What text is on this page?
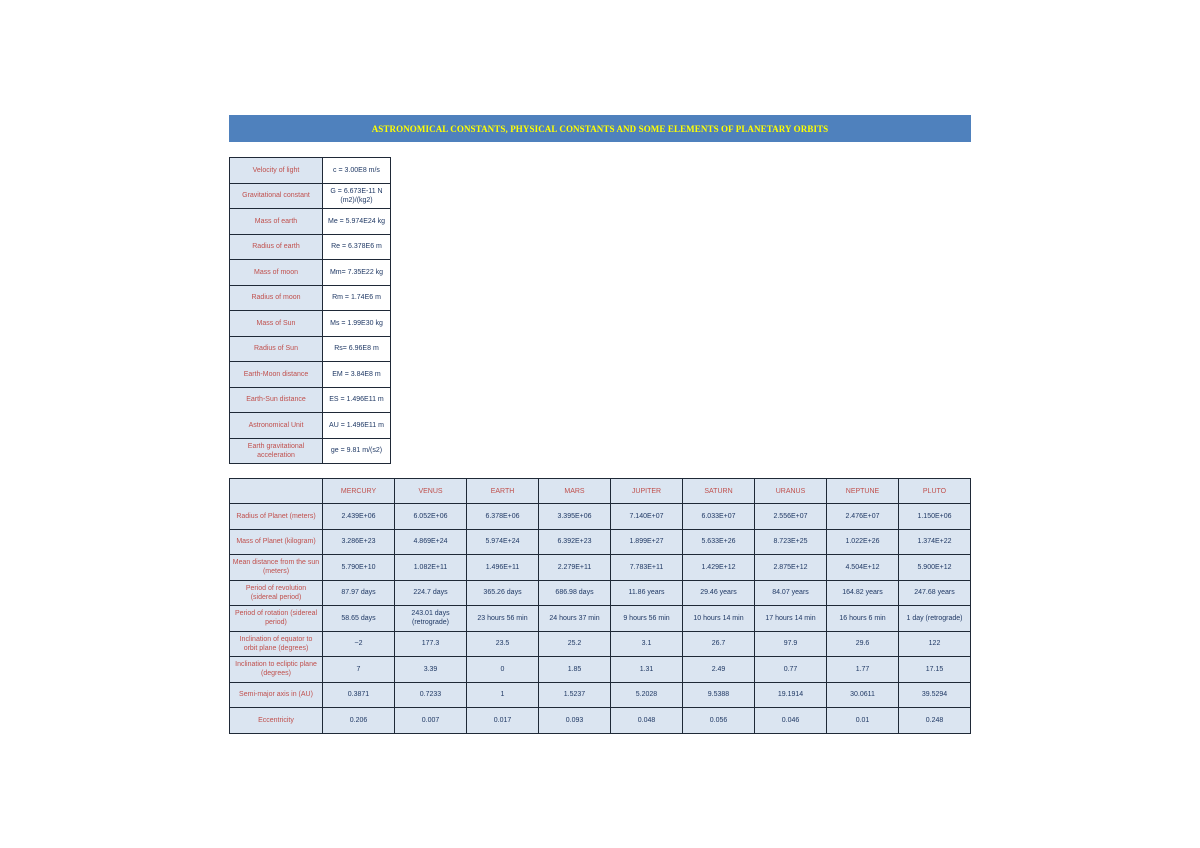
ASTRONOMICAL CONSTANTS, PHYSICAL CONSTANTS AND SOME ELEMENTS OF PLANETARY ORBITS
Velocity of light	c = 3.00E8 m/s
Gravitational constant	G = 6.673E-11 N (m2)/(kg2)
Mass of earth	Me = 5.974E24 kg
Radius of earth	Re = 6.378E6 m
Mass of moon	Mm= 7.35E22 kg
Radius of moon	Rm = 1.74E6 m
Mass of Sun	Ms = 1.99E30 kg
Radius of Sun	Rs= 6.96E8 m
Earth-Moon distance	EM = 3.84E8 m
Earth-Sun distance	ES = 1.496E11 m
Astronomical Unit	AU = 1.496E11 m
Earth gravitational acceleration	ge = 9.81 m/(s2)
	MERCURY	VENUS	EARTH	MARS	JUPITER	SATURN	URANUS	NEPTUNE	PLUTO
Radius of Planet (meters)	2.439E+06	6.052E+06	6.378E+06	3.395E+06	7.140E+07	6.033E+07	2.556E+07	2.476E+07	1.150E+06
Mass of Planet (kilogram)	3.286E+23	4.869E+24	5.974E+24	6.392E+23	1.899E+27	5.633E+26	8.723E+25	1.022E+26	1.374E+22
Mean distance from the sun (meters)	5.790E+10	1.082E+11	1.496E+11	2.279E+11	7.783E+11	1.429E+12	2.875E+12	4.504E+12	5.900E+12
Period of revolution (sidereal period)	87.97 days	224.7 days	365.26 days	686.98 days	11.86 years	29.46 years	84.07 years	164.82 years	247.68 years
Period of rotation (sidereal period)	58.65 days	243.01 days (retrograde)	23 hours 56 min	24 hours 37 min	9 hours 56 min	10 hours 14 min	17 hours 14 min	16 hours 6 min	1 day (retrograde)
Inclination of equator to orbit plane (degrees)	~2	177.3	23.5	25.2	3.1	26.7	97.9	29.6	122
Inclination to ecliptic plane (degrees)	7	3.39	0	1.85	1.31	2.49	0.77	1.77	17.15
Semi-major axis in (AU)	0.3871	0.7233	1	1.5237	5.2028	9.5388	19.1914	30.0611	39.5294
Eccentricity	0.206	0.007	0.017	0.093	0.048	0.056	0.046	0.01	0.248
